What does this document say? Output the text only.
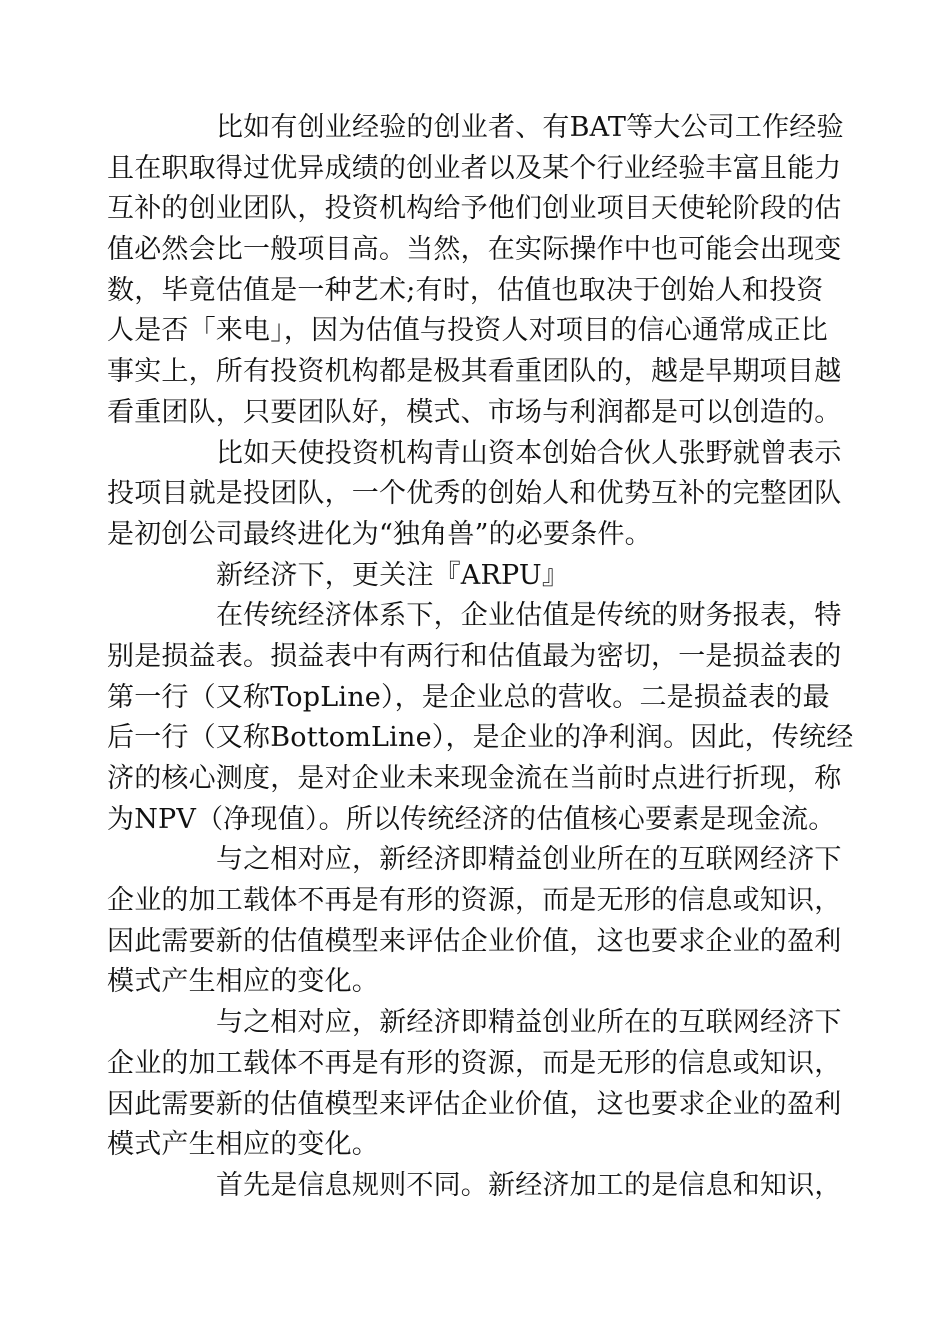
比如有创业经验的创业者、有BAT等大公司工作经验
且在职取得过优异成绩的创业者以及某个行业经验丰富且能力
互补的创业团队，投资机构给予他们创业项目天使轮阶段的估
值必然会比一般项目高。当然，在实际操作中也可能会出现变
数，毕竟估值是一种艺术;有时，估值也取决于创始人和投资
人是否「来电」，因为估值与投资人对项目的信心通常成正比
事实上，所有投资机构都是极其看重团队的，越是早期项目越
看重团队，只要团队好，模式、市场与利润都是可以创造的。
比如天使投资机构青山资本创始合伙人张野就曾表示
投项目就是投团队，一个优秀的创始人和优势互补的完整团队
是初创公司最终进化为“独角兽”的必要条件。
新经济下，更关注『ARPU』
在传统经济体系下，企业估值是传统的财务报表，特
别是损益表。损益表中有两行和估值最为密切，一是损益表的
第一行（又称TopLine），是企业总的营收。二是损益表的最
后一行（又称BottomLine），是企业的净利润。因此，传统经
济的核心测度，是对企业未来现金流在当前时点进行折现，称
为NPV（净现值）。所以传统经济的估值核心要素是现金流。
与之相对应，新经济即精益创业所在的互联网经济下
企业的加工载体不再是有形的资源，而是无形的信息或知识，
因此需要新的估值模型来评估企业价值，这也要求企业的盈利
模式产生相应的变化。
与之相对应，新经济即精益创业所在的互联网经济下
企业的加工载体不再是有形的资源，而是无形的信息或知识，
因此需要新的估值模型来评估企业价值，这也要求企业的盈利
模式产生相应的变化。
首先是信息规则不同。新经济加工的是信息和知识，
